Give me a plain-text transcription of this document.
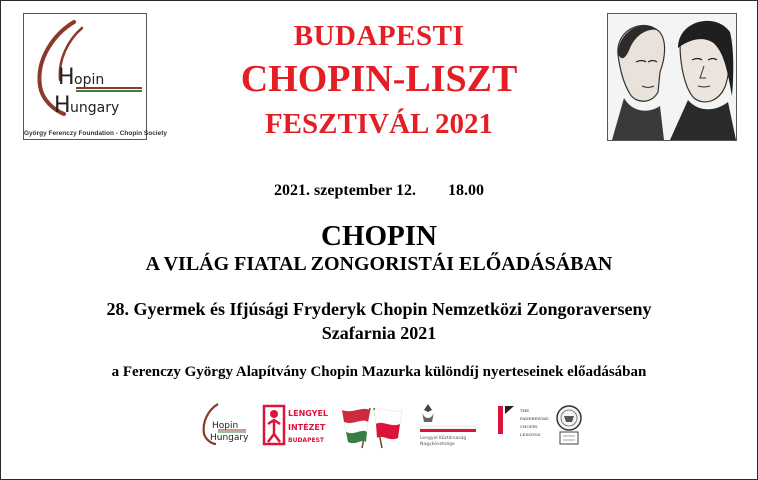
H opin
H ungary
György Ferenczy Foundation - Chopin Society
BUDAPESTI
CHOPIN-LISZT
FESZTIVÁL 2021
2021. szeptember 12. 18.00
CHOPIN
A VILÁG FIATAL ZONGORISTÁI ELŐADÁSÁBAN
28. Gyermek és Ifjúsági Fryderyk Chopin Nemzetközi Zongoraverseny
Szafarnia 2021
a Ferenczy György Alapítvány Chopin Mazurka különdíj nyerteseinek előadásában
Hopin
Hungary
LENGYEL
INTÉZET
BUDAPEST	Lengyel Köztársaság
Nagykövetsége
THE
PADEREWSKI
CHOPIN
LESSONS
